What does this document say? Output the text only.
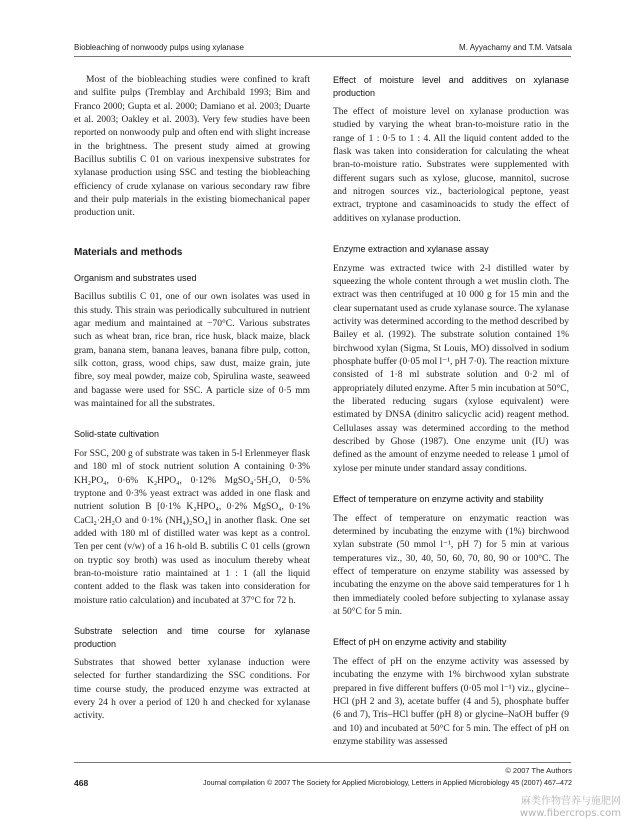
Biobleaching of nonwoody pulps using xylanase	M. Ayyachamy and T.M. Vatsala

Most of the biobleaching studies were confined to kraft and sulfite pulps (Tremblay and Archibald 1993; Bim and Franco 2000; Gupta et al. 2000; Damiano et al. 2003; Duarte et al. 2003; Oakley et al. 2003). Very few studies have been reported on nonwoody pulp and often end with slight increase in the brightness. The present study aimed at growing Bacillus subtilis C 01 on various inexpensive substrates for xylanase production using SSC and testing the biobleaching efficiency of crude xylanase on various secondary raw fibre and their pulp materials in the existing biomechanical paper production unit.

Materials and methods
Organism and substrates used

Bacillus subtilis C 01, one of our own isolates was used in this study. This strain was periodically subcultured in nutrient agar medium and maintained at −70°C. Various substrates such as wheat bran, rice bran, rice husk, black maize, black gram, banana stem, banana leaves, banana fibre pulp, cotton, silk cotton, grass, wood chips, saw dust, maize grain, jute fibre, soy meal powder, maize cob, Spirulina waste, seaweed and bagasse were used for SSC. A particle size of 0·5 mm was maintained for all the substrates.

Solid-state cultivation

For SSC, 200 g of substrate was taken in 5-l Erlenmeyer flask and 180 ml of stock nutrient solution A containing 0·3% KH₂PO₄, 0·6% K₂HPO₄, 0·12% MgSO₄·5H₂O, 0·5% tryptone and 0·3% yeast extract was added in one flask and nutrient solution B [0·1% K₂HPO₄, 0·2% MgSO₄, 0·1% CaCl₂·2H₂O and 0·1% (NH₄)₂SO₄] in another flask. One set added with 180 ml of distilled water was kept as a control. Ten per cent (v/w) of a 16 h-old B. subtilis C 01 cells (grown on tryptic soy broth) was used as inoculum thereby wheat bran-to-moisture ratio maintained at 1 : 1 (all the liquid content added to the flask was taken into consideration for moisture ratio calculation) and incubated at 37°C for 72 h.

Substrate selection and time course for xylanase production

Substrates that showed better xylanase induction were selected for further standardizing the SSC conditions. For time course study, the produced enzyme was extracted at every 24 h over a period of 120 h and checked for xylanase activity.

Effect of moisture level and additives on xylanase production

The effect of moisture level on xylanase production was studied by varying the wheat bran-to-moisture ratio in the range of 1 : 0·5 to 1 : 4. All the liquid content added to the flask was taken into consideration for calculating the wheat bran-to-moisture ratio. Substrates were supplemented with different sugars such as xylose, glucose, mannitol, sucrose and nitrogen sources viz., bacteriological peptone, yeast extract, tryptone and casaminoacids to study the effect of additives on xylanase production.

Enzyme extraction and xylanase assay

Enzyme was extracted twice with 2-l distilled water by squeezing the whole content through a wet muslin cloth. The extract was then centrifuged at 10 000 g for 15 min and the clear supernatant used as crude xylanase source. The xylanase activity was determined according to the method described by Bailey et al. (1992). The substrate solution contained 1% birchwood xylan (Sigma, St Louis, MO) dissolved in sodium phosphate buffer (0·05 mol l⁻¹, pH 7·0). The reaction mixture consisted of 1·8 ml substrate solution and 0·2 ml of appropriately diluted enzyme. After 5 min incubation at 50°C, the liberated reducing sugars (xylose equivalent) were estimated by DNSA (dinitro salicyclic acid) reagent method. Cellulases assay was determined according to the method described by Ghose (1987). One enzyme unit (IU) was defined as the amount of enzyme needed to release 1 μmol of xylose per minute under standard assay conditions.

Effect of temperature on enzyme activity and stability

The effect of temperature on enzymatic reaction was determined by incubating the enzyme with (1%) birchwood xylan substrate (50 mmol l⁻¹, pH 7) for 5 min at various temperatures viz., 30, 40, 50, 60, 70, 80, 90 or 100°C. The effect of temperature on enzyme stability was assessed by incubating the enzyme on the above said temperatures for 1 h then immediately cooled before subjecting to xylanase assay at 50°C for 5 min.

Effect of pH on enzyme activity and stability

The effect of pH on the enzyme activity was assessed by incubating the enzyme with 1% birchwood xylan substrate prepared in five different buffers (0·05 mol l⁻¹) viz., glycine–HCl (pH 2 and 3), acetate buffer (4 and 5), phosphate buffer (6 and 7), Tris–HCl buffer (pH 8) or glycine–NaOH buffer (9 and 10) and incubated at 50°C for 5 min. The effect of pH on enzyme stability was assessed

© 2007 The Authors
468	Journal compilation © 2007 The Society for Applied Microbiology, Letters in Applied Microbiology 45 (2007) 467–472
麻类作物营养与施肥网
www.fibercrops.com
